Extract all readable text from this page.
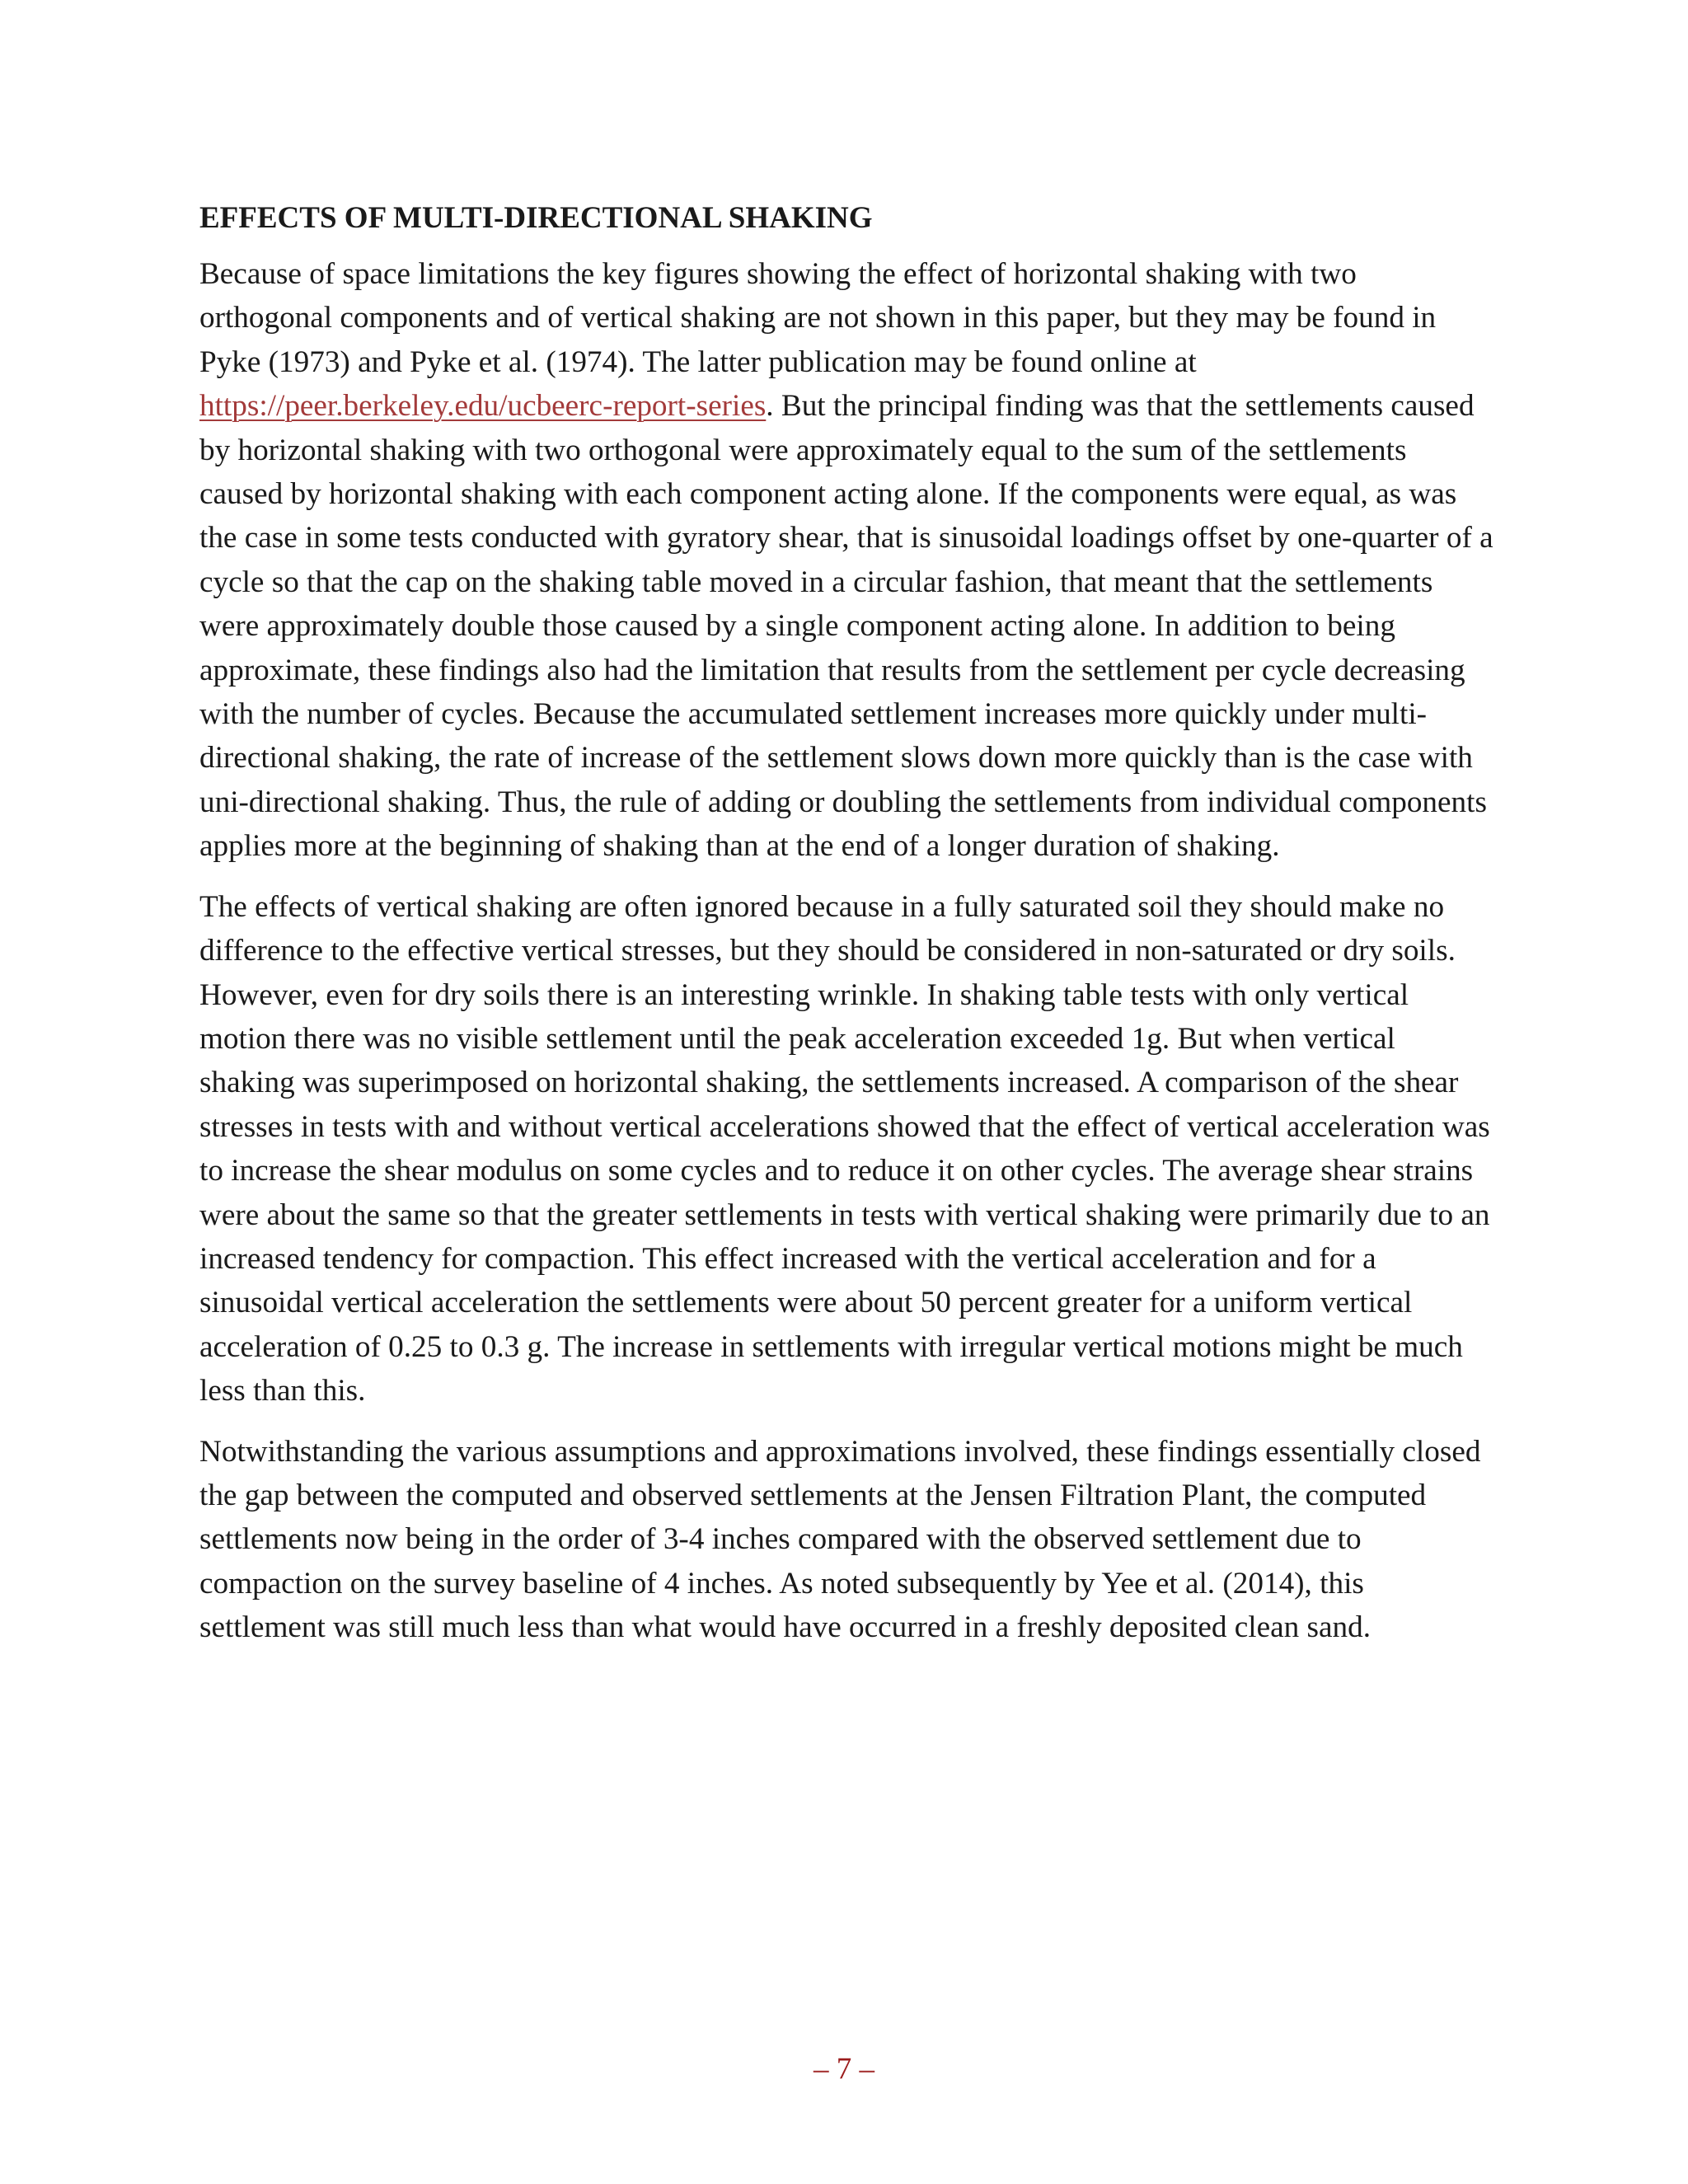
EFFECTS OF MULTI-DIRECTIONAL SHAKING

Because of space limitations the key figures showing the effect of horizontal shaking with two orthogonal components and of vertical shaking are not shown in this paper, but they may be found in Pyke (1973) and Pyke et al. (1974). The latter publication may be found online at https://peer.berkeley.edu/ucbeerc-report-series. But the principal finding was that the settlements caused by horizontal shaking with two orthogonal were approximately equal to the sum of the settlements caused by horizontal shaking with each component acting alone. If the components were equal, as was the case in some tests conducted with gyratory shear, that is sinusoidal loadings offset by one-quarter of a cycle so that the cap on the shaking table moved in a circular fashion, that meant that the settlements were approximately double those caused by a single component acting alone. In addition to being approximate, these findings also had the limitation that results from the settlement per cycle decreasing with the number of cycles. Because the accumulated settlement increases more quickly under multi-directional shaking, the rate of increase of the settlement slows down more quickly than is the case with uni-directional shaking. Thus, the rule of adding or doubling the settlements from individual components applies more at the beginning of shaking than at the end of a longer duration of shaking.

The effects of vertical shaking are often ignored because in a fully saturated soil they should make no difference to the effective vertical stresses, but they should be considered in non-saturated or dry soils. However, even for dry soils there is an interesting wrinkle. In shaking table tests with only vertical motion there was no visible settlement until the peak acceleration exceeded 1g. But when vertical shaking was superimposed on horizontal shaking, the settlements increased. A comparison of the shear stresses in tests with and without vertical accelerations showed that the effect of vertical acceleration was to increase the shear modulus on some cycles and to reduce it on other cycles. The average shear strains were about the same so that the greater settlements in tests with vertical shaking were primarily due to an increased tendency for compaction. This effect increased with the vertical acceleration and for a sinusoidal vertical acceleration the settlements were about 50 percent greater for a uniform vertical acceleration of 0.25 to 0.3 g. The increase in settlements with irregular vertical motions might be much less than this.

Notwithstanding the various assumptions and approximations involved, these findings essentially closed the gap between the computed and observed settlements at the Jensen Filtration Plant, the computed settlements now being in the order of 3-4 inches compared with the observed settlement due to compaction on the survey baseline of 4 inches. As noted subsequently by Yee et al. (2014), this settlement was still much less than what would have occurred in a freshly deposited clean sand.

– 7 –
